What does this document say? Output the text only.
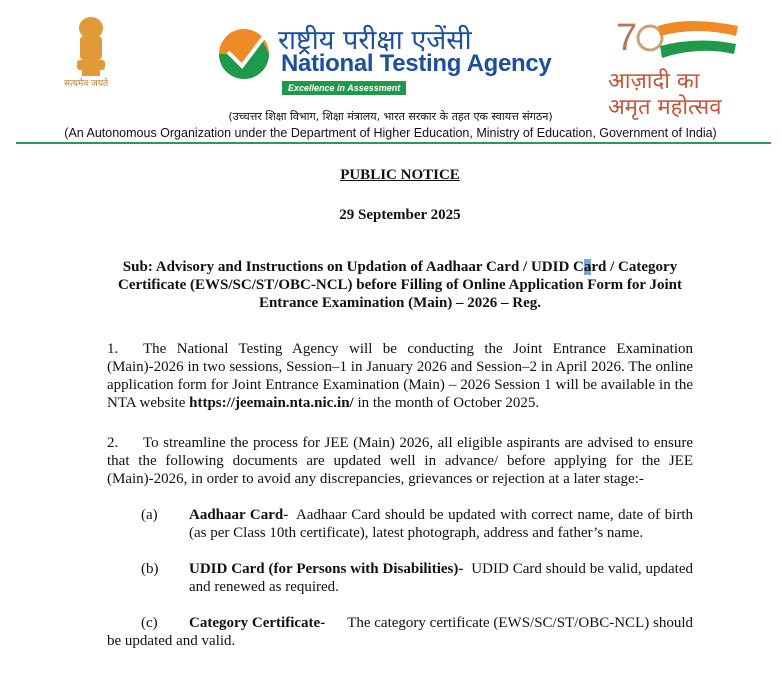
सत्यमेव जयते
राष्ट्रीय परीक्षा एजेंसी
National Testing Agency
Excellence in Assessment
7
आज़ादी का
अमृत महोत्सव
(उच्चत्तर शिक्षा विभाग, शिक्षा मंत्रालय, भारत सरकार के तहत एक स्वायत्त संगठन)
(An Autonomous Organization under the Department of Higher Education, Ministry of Education, Government of India)
PUBLIC NOTICE
29 September 2025
Sub: Advisory and Instructions on Updation of Aadhaar Card / UDID Card / Category Certificate (EWS/SC/ST/OBC-NCL) before Filling of Online Application Form for Joint Entrance Examination (Main) – 2026 – Reg.

1. The National Testing Agency will be conducting the Joint Entrance Examination (Main)-2026 in two sessions, Session–1 in January 2026 and Session–2 in April 2026. The online application form for Joint Entrance Examination (Main) – 2026 Session 1 will be available in the NTA website https://jeemain.nta.nic.in/ in the month of October 2025.

2. To streamline the process for JEE (Main) 2026, all eligible aspirants are advised to ensure that the following documents are updated well in advance/ before applying for the JEE (Main)-2026, in order to avoid any discrepancies, grievances or rejection at a later stage:-

(a) Aadhaar Card- Aadhaar Card should be updated with correct name, date of birth (as per Class 10th certificate), latest photograph, address and father’s name.
(b) UDID Card (for Persons with Disabilities)- UDID Card should be valid, updated and renewed as required.
(c) Category Certificate- The category certificate (EWS/SC/ST/OBC-NCL) should be updated and valid.
